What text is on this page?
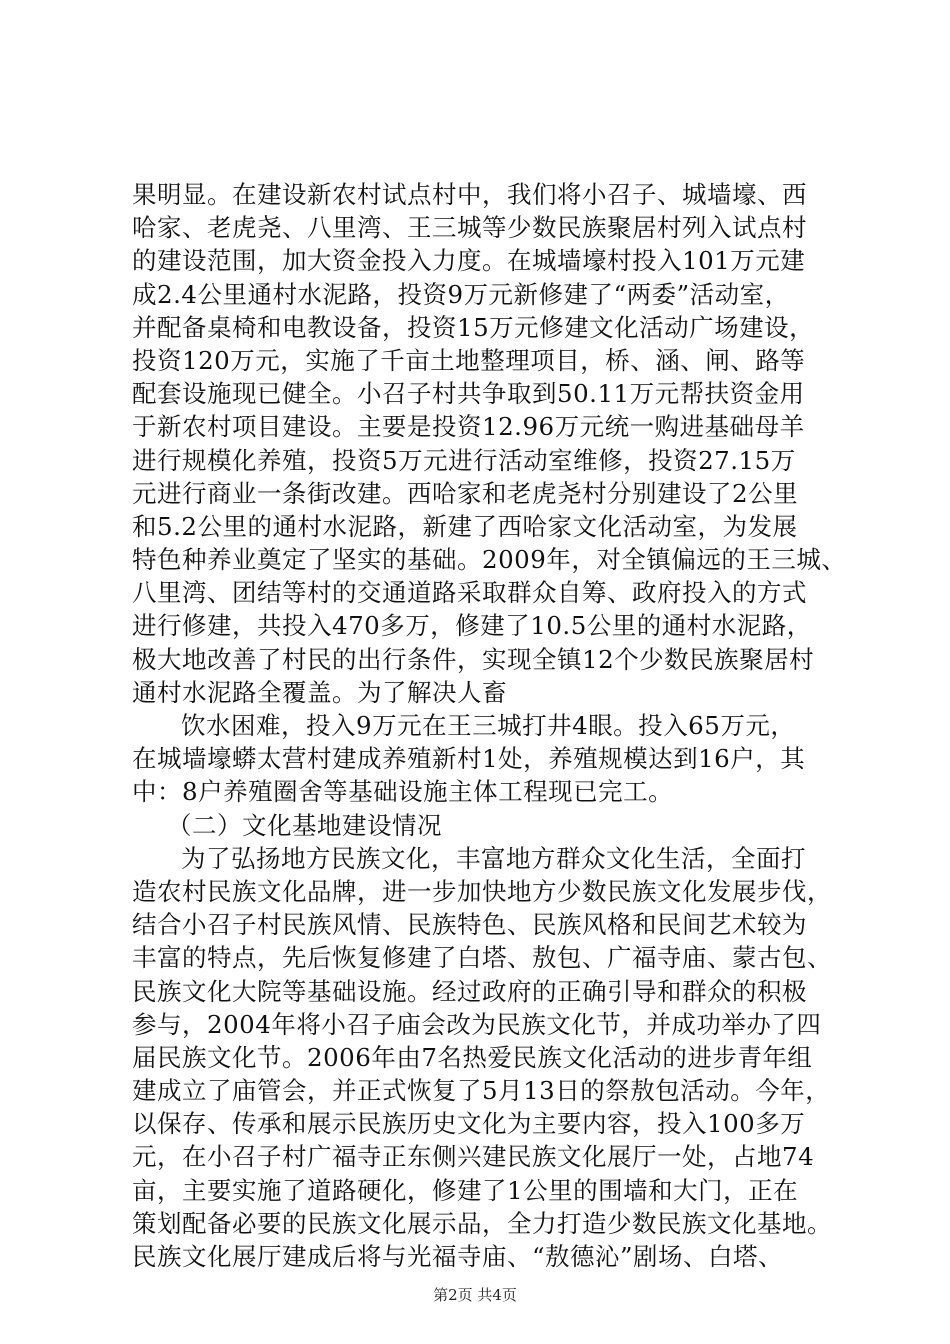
果明显。在建设新农村试点村中，我们将小召子、城墙壕、西
哈家、老虎尧、八里湾、王三城等少数民族聚居村列入试点村
的建设范围，加大资金投入力度。在城墙壕村投入101万元建
成2.4公里通村水泥路，投资9万元新修建了“两委”活动室，
并配备桌椅和电教设备，投资15万元修建文化活动广场建设，
投资120万元，实施了千亩土地整理项目，桥、涵、闸、路等
配套设施现已健全。小召子村共争取到50.11万元帮扶资金用
于新农村项目建设。主要是投资12.96万元统一购进基础母羊
进行规模化养殖，投资5万元进行活动室维修，投资27.15万
元进行商业一条街改建。西哈家和老虎尧村分别建设了2公里
和5.2公里的通村水泥路，新建了西哈家文化活动室，为发展
特色种养业奠定了坚实的基础。2009年，对全镇偏远的王三城、
八里湾、团结等村的交通道路采取群众自筹、政府投入的方式
进行修建，共投入470多万，修建了10.5公里的通村水泥路，
极大地改善了村民的出行条件，实现全镇12个少数民族聚居村
通村水泥路全覆盖。为了解决人畜
饮水困难，投入9万元在王三城打井4眼。投入65万元，
在城墙壕蟒太营村建成养殖新村1处，养殖规模达到16户，其
中：8户养殖圈舍等基础设施主体工程现已完工。
（二）文化基地建设情况
为了弘扬地方民族文化，丰富地方群众文化生活，全面打
造农村民族文化品牌，进一步加快地方少数民族文化发展步伐，
结合小召子村民族风情、民族特色、民族风格和民间艺术较为
丰富的特点，先后恢复修建了白塔、敖包、广福寺庙、蒙古包、
民族文化大院等基础设施。经过政府的正确引导和群众的积极
参与，2004年将小召子庙会改为民族文化节，并成功举办了四
届民族文化节。2006年由7名热爱民族文化活动的进步青年组
建成立了庙管会，并正式恢复了5月13日的祭敖包活动。今年，
以保存、传承和展示民族历史文化为主要内容，投入100多万
元，在小召子村广福寺正东侧兴建民族文化展厅一处，占地74
亩，主要实施了道路硬化，修建了1公里的围墙和大门，正在
策划配备必要的民族文化展示品，全力打造少数民族文化基地。
民族文化展厅建成后将与光福寺庙、“敖德沁”剧场、白塔、
第2页 共4页
